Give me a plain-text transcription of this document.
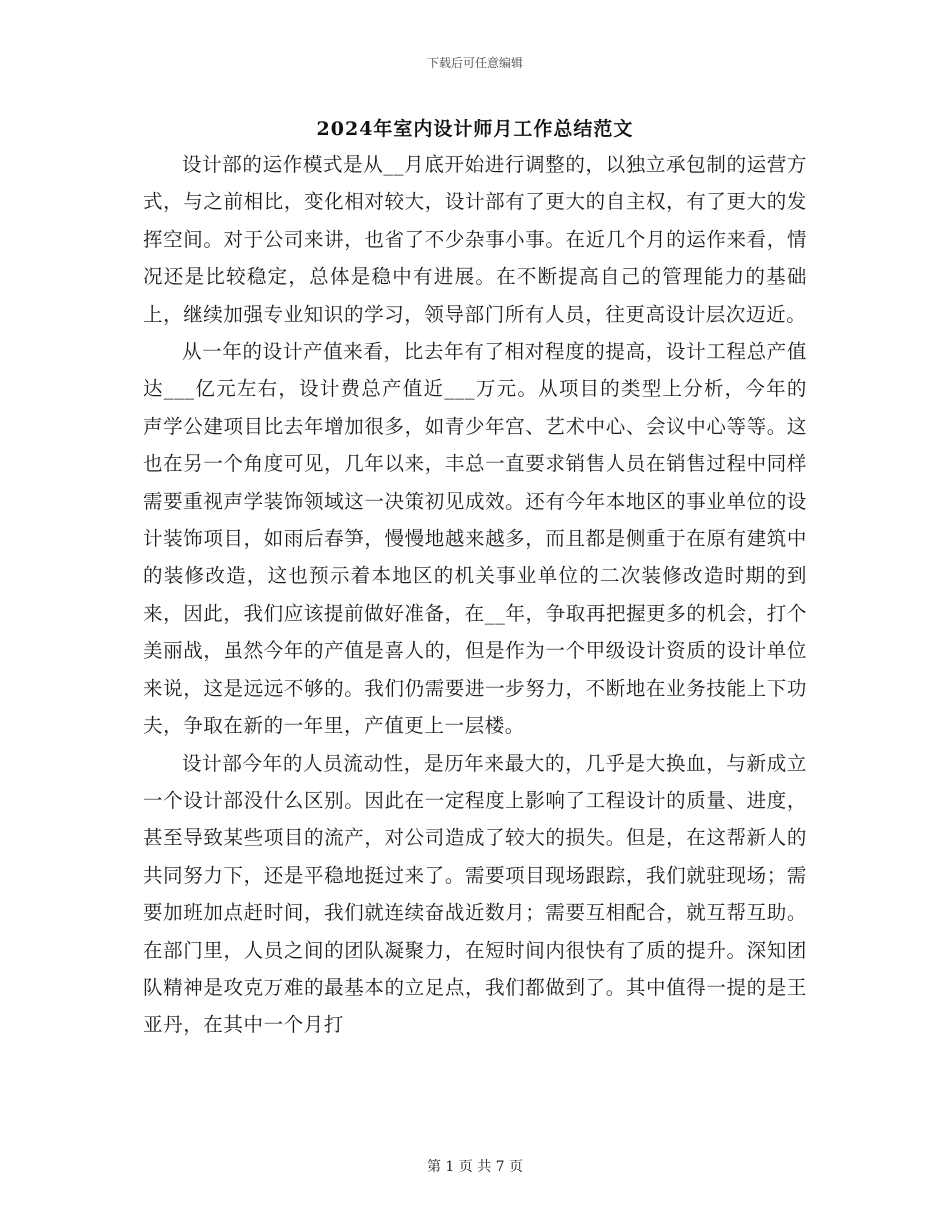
下载后可任意编辑
2024年室内设计师月工作总结范文

设计部的运作模式是从__月底开始进行调整的，以独立承包制的运营方式，与之前相比，变化相对较大，设计部有了更大的自主权，有了更大的发挥空间。对于公司来讲，也省了不少杂事小事。在近几个月的运作来看，情况还是比较稳定，总体是稳中有进展。在不断提高自己的管理能力的基础上，继续加强专业知识的学习，领导部门所有人员，往更高设计层次迈近。

从一年的设计产值来看，比去年有了相对程度的提高，设计工程总产值达___亿元左右，设计费总产值近___万元。从项目的类型上分析，今年的声学公建项目比去年增加很多，如青少年宫、艺术中心、会议中心等等。这也在另一个角度可见，几年以来，丰总一直要求销售人员在销售过程中同样需要重视声学装饰领域这一决策初见成效。还有今年本地区的事业单位的设计装饰项目，如雨后春笋，慢慢地越来越多，而且都是侧重于在原有建筑中的装修改造，这也预示着本地区的机关事业单位的二次装修改造时期的到来，因此，我们应该提前做好准备，在__年，争取再把握更多的机会，打个美丽战，虽然今年的产值是喜人的，但是作为一个甲级设计资质的设计单位来说，这是远远不够的。我们仍需要进一步努力，不断地在业务技能上下功夫，争取在新的一年里，产值更上一层楼。

设计部今年的人员流动性，是历年来最大的，几乎是大换血，与新成立一个设计部没什么区别。因此在一定程度上影响了工程设计的质量、进度，甚至导致某些项目的流产，对公司造成了较大的损失。但是，在这帮新人的共同努力下，还是平稳地挺过来了。需要项目现场跟踪，我们就驻现场；需要加班加点赶时间，我们就连续奋战近数月；需要互相配合，就互帮互助。在部门里，人员之间的团队凝聚力，在短时间内很快有了质的提升。深知团队精神是攻克万难的最基本的立足点，我们都做到了。其中值得一提的是王亚丹，在其中一个月打

第 1 页 共 7 页
